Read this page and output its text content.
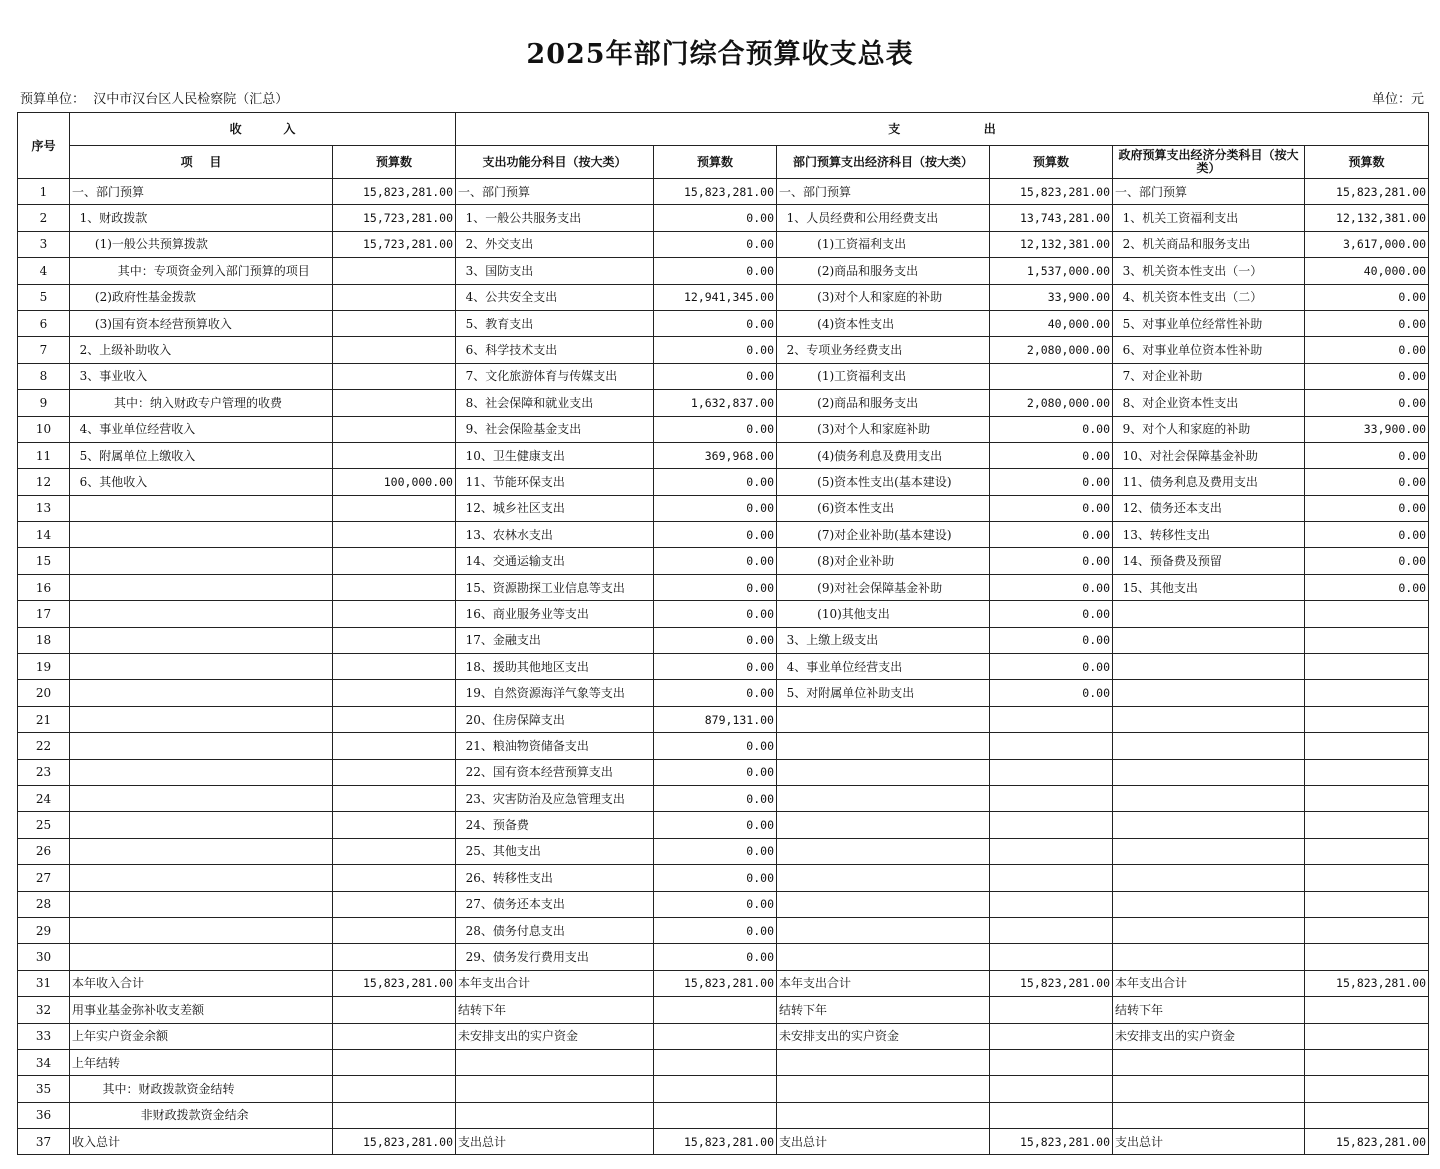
2025年部门综合预算收支总表
预算单位：  汉中市汉台区人民检察院（汇总）	单位：元
序号	收          入		支                    出					
	项    目	预算数	支出功能分科目（按大类）	预算数	部门预算支出经济科目（按大类）	预算数	政府预算支出经济分类科目（按大类）	预算数
1	一、部门预算	15,823,281.00	一、部门预算	15,823,281.00	一、部门预算	15,823,281.00	一、部门预算	15,823,281.00
2	1、财政拨款	15,723,281.00	1、一般公共服务支出	0.00	1、人员经费和公用经费支出	13,743,281.00	1、机关工资福利支出	12,132,381.00
3	(1)一般公共预算拨款	15,723,281.00	2、外交支出	0.00	(1)工资福利支出	12,132,381.00	2、机关商品和服务支出	3,617,000.00
4	其中：专项资金列入部门预算的项目		3、国防支出	0.00	(2)商品和服务支出	1,537,000.00	3、机关资本性支出（一）	40,000.00
5	(2)政府性基金拨款		4、公共安全支出	12,941,345.00	(3)对个人和家庭的补助	33,900.00	4、机关资本性支出（二）	0.00
6	(3)国有资本经营预算收入		5、教育支出	0.00	(4)资本性支出	40,000.00	5、对事业单位经常性补助	0.00
7	2、上级补助收入		6、科学技术支出	0.00	2、专项业务经费支出	2,080,000.00	6、对事业单位资本性补助	0.00
8	3、事业收入		7、文化旅游体育与传媒支出	0.00	(1)工资福利支出		7、对企业补助	0.00
9	其中：纳入财政专户管理的收费		8、社会保障和就业支出	1,632,837.00	(2)商品和服务支出	2,080,000.00	8、对企业资本性支出	0.00
10	4、事业单位经营收入		9、社会保险基金支出	0.00	(3)对个人和家庭补助	0.00	9、对个人和家庭的补助	33,900.00
11	5、附属单位上缴收入		10、卫生健康支出	369,968.00	(4)债务利息及费用支出	0.00	10、对社会保障基金补助	0.00
12	6、其他收入	100,000.00	11、节能环保支出	0.00	(5)资本性支出(基本建设)	0.00	11、债务利息及费用支出	0.00
13			12、城乡社区支出	0.00	(6)资本性支出	0.00	12、债务还本支出	0.00
14			13、农林水支出	0.00	(7)对企业补助(基本建设)	0.00	13、转移性支出	0.00
15			14、交通运输支出	0.00	(8)对企业补助	0.00	14、预备费及预留	0.00
16			15、资源勘探工业信息等支出	0.00	(9)对社会保障基金补助	0.00	15、其他支出	0.00
17			16、商业服务业等支出	0.00	(10)其他支出	0.00		
18			17、金融支出	0.00	3、上缴上级支出	0.00		
19			18、援助其他地区支出	0.00	4、事业单位经营支出	0.00		
20			19、自然资源海洋气象等支出	0.00	5、对附属单位补助支出	0.00		
21			20、住房保障支出	879,131.00				
22			21、粮油物资储备支出	0.00				
23			22、国有资本经营预算支出	0.00				
24			23、灾害防治及应急管理支出	0.00				
25			24、预备费	0.00				
26			25、其他支出	0.00				
27			26、转移性支出	0.00				
28			27、债务还本支出	0.00				
29			28、债务付息支出	0.00				
30			29、债务发行费用支出	0.00				
31	本年收入合计	15,823,281.00	本年支出合计	15,823,281.00	本年支出合计	15,823,281.00	本年支出合计	15,823,281.00
32	用事业基金弥补收支差额		结转下年		结转下年		结转下年	
33	上年实户资金余额		未安排支出的实户资金		未安排支出的实户资金		未安排支出的实户资金	
34	上年结转							
35	其中：财政拨款资金结转							
36	非财政拨款资金结余							
37	收入总计	15,823,281.00	支出总计	15,823,281.00	支出总计	15,823,281.00	支出总计	15,823,281.00
